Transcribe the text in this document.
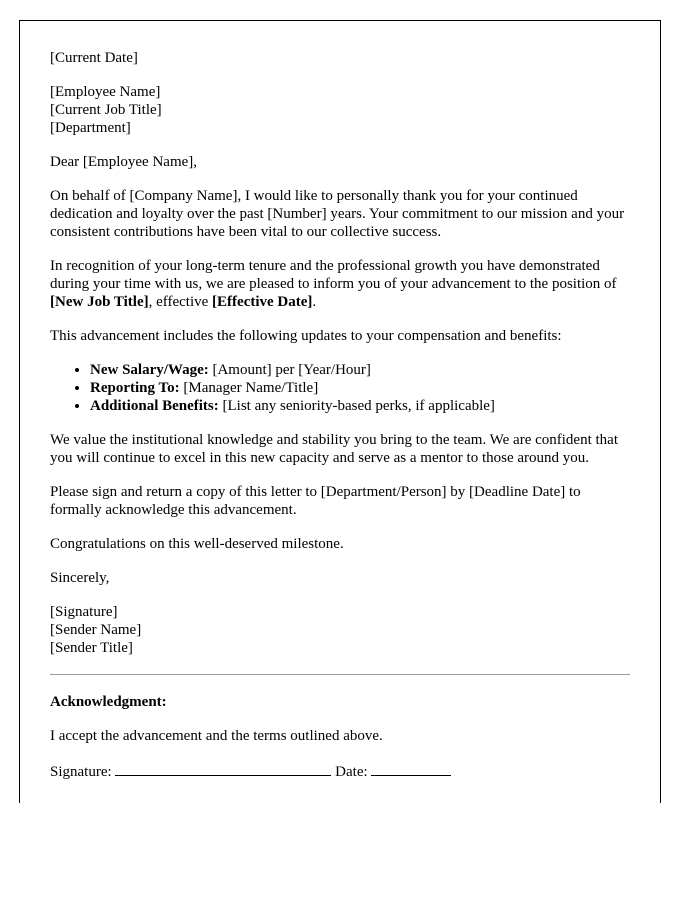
[Current Date]

[Employee Name]
[Current Job Title]
[Department]

Dear [Employee Name],

On behalf of [Company Name], I would like to personally thank you for your continued dedication and loyalty over the past [Number] years. Your commitment to our mission and your consistent contributions have been vital to our collective success.

In recognition of your long-term tenure and the professional growth you have demonstrated during your time with us, we are pleased to inform you of your advancement to the position of [New Job Title], effective [Effective Date].

This advancement includes the following updates to your compensation and benefits:

• New Salary/Wage: [Amount] per [Year/Hour]
• Reporting To: [Manager Name/Title]
• Additional Benefits: [List any seniority-based perks, if applicable]

We value the institutional knowledge and stability you bring to the team. We are confident that you will continue to excel in this new capacity and serve as a mentor to those around you.

Please sign and return a copy of this letter to [Department/Person] by [Deadline Date] to formally acknowledge this advancement.

Congratulations on this well-deserved milestone.

Sincerely,

[Signature]
[Sender Name]
[Sender Title]

Acknowledgment:

I accept the advancement and the terms outlined above.

Signature:	Date:
